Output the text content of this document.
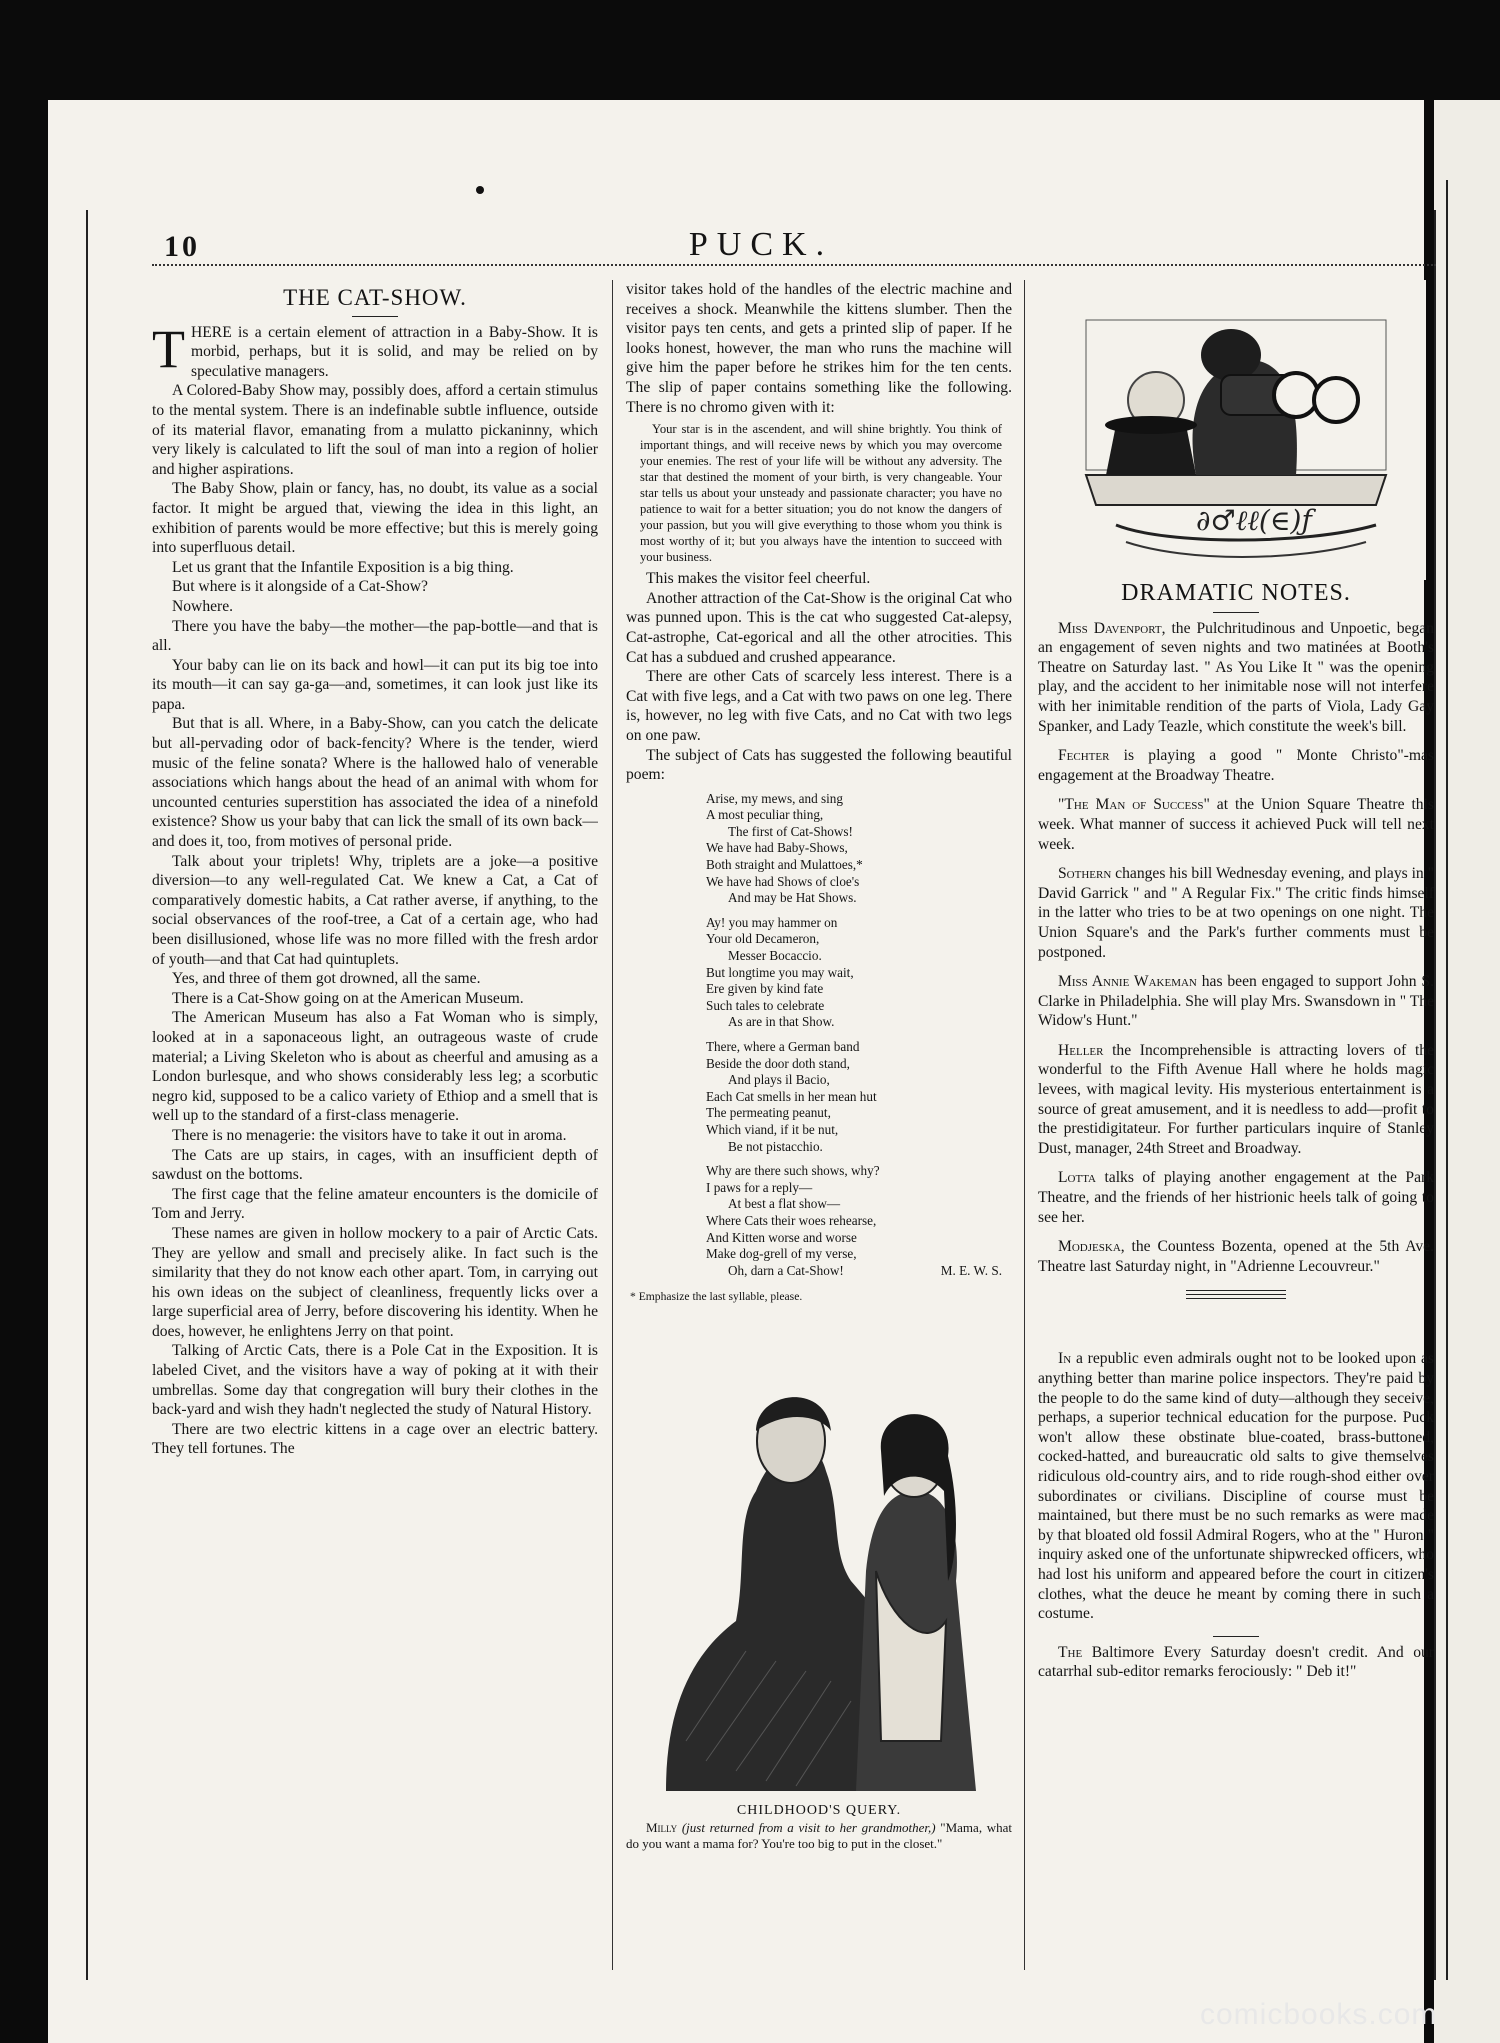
10	PUCK.
THE CAT-SHOW.

THERE is a certain element of attraction in a Baby-Show. It is morbid, perhaps, but it is solid, and may be relied on by speculative managers.

A Colored-Baby Show may, possibly does, afford a certain stimulus to the mental system. There is an indefinable subtle influence, outside of its material flavor, emanating from a mulatto pickaninny, which very likely is calculated to lift the soul of man into a region of holier and higher aspirations.

The Baby Show, plain or fancy, has, no doubt, its value as a social factor. It might be argued that, viewing the idea in this light, an exhibition of parents would be more effective; but this is merely going into superfluous detail.

Let us grant that the Infantile Exposition is a big thing.

But where is it alongside of a Cat-Show?

Nowhere.

There you have the baby—the mother—the pap-bottle—and that is all.

Your baby can lie on its back and howl—it can put its big toe into its mouth—it can say ga-ga—and, sometimes, it can look just like its papa.

But that is all. Where, in a Baby-Show, can you catch the delicate but all-pervading odor of back-fencity? Where is the tender, wierd music of the feline sonata? Where is the hallowed halo of venerable associations which hangs about the head of an animal with whom for uncounted centuries superstition has associated the idea of a ninefold existence? Show us your baby that can lick the small of its own back—and does it, too, from motives of personal pride.

Talk about your triplets! Why, triplets are a joke—a positive diversion—to any well-regulated Cat. We knew a Cat, a Cat of comparatively domestic habits, a Cat rather averse, if anything, to the social observances of the roof-tree, a Cat of a certain age, who had been disillusioned, whose life was no more filled with the fresh ardor of youth—and that Cat had quintuplets.

Yes, and three of them got drowned, all the same.

There is a Cat-Show going on at the American Museum.

The American Museum has also a Fat Woman who is simply, looked at in a saponaceous light, an outrageous waste of crude material; a Living Skeleton who is about as cheerful and amusing as a London burlesque, and who shows considerably less leg; a scorbutic negro kid, supposed to be a calico variety of Ethiop and a smell that is well up to the standard of a first-class menagerie.

There is no menagerie: the visitors have to take it out in aroma.

The Cats are up stairs, in cages, with an insufficient depth of sawdust on the bottoms.

The first cage that the feline amateur encounters is the domicile of Tom and Jerry.

These names are given in hollow mockery to a pair of Arctic Cats. They are yellow and small and precisely alike. In fact such is the similarity that they do not know each other apart. Tom, in carrying out his own ideas on the subject of cleanliness, frequently licks over a large superficial area of Jerry, before discovering his identity. When he does, however, he enlightens Jerry on that point.

Talking of Arctic Cats, there is a Pole Cat in the Exposition. It is labeled Civet, and the visitors have a way of poking at it with their umbrellas. Some day that congregation will bury their clothes in the back-yard and wish they hadn't neglected the study of Natural History.

There are two electric kittens in a cage over an electric battery. They tell fortunes. The

visitor takes hold of the handles of the electric machine and receives a shock. Meanwhile the kittens slumber. Then the visitor pays ten cents, and gets a printed slip of paper. If he looks honest, however, the man who runs the machine will give him the paper before he strikes him for the ten cents. The slip of paper contains something like the following. There is no chromo given with it:

Your star is in the ascendent, and will shine brightly. You think of important things, and will receive news by which you may overcome your enemies. The rest of your life will be without any adversity. The star that destined the moment of your birth, is very changeable. Your star tells us about your unsteady and passionate character; you have no patience to wait for a better situation; you do not know the dangers of your passion, but you will give everything to those whom you think is most worthy of it; but you always have the intention to succeed with your business.

This makes the visitor feel cheerful.

Another attraction of the Cat-Show is the original Cat who was punned upon. This is the cat who suggested Cat-alepsy, Cat-astrophe, Cat-egorical and all the other atrocities. This Cat has a subdued and crushed appearance.

There are other Cats of scarcely less interest. There is a Cat with five legs, and a Cat with two paws on one leg. There is, however, no leg with five Cats, and no Cat with two legs on one paw.

The subject of Cats has suggested the following beautiful poem:

Arise, my mews, and sing
A most peculiar thing,
The first of Cat-Shows!
We have had Baby-Shows,
Both straight and Mulattoes,*
We have had Shows of cloe's
And may be Hat Shows.
Ay! you may hammer on
Your old Decameron,
Messer Bocaccio.
But longtime you may wait,
Ere given by kind fate
Such tales to celebrate
As are in that Show.
There, where a German band
Beside the door doth stand,
And plays il Bacio,
Each Cat smells in her mean hut
The permeating peanut,
Which viand, if it be nut,
Be not pistacchio.
Why are there such shows, why?
I paws for a reply—
At best a flat show—
Where Cats their woes rehearse,
And Kitten worse and worse
Make dog-grell of my verse,
Oh, darn a Cat-Show!	M. E. W. S.
* Emphasize the last syllable, please.
CHILDHOOD'S QUERY.

Milly (just returned from a visit to her grandmother,) "Mama, what do you want a mama for? You're too big to put in the closet."

∂♂ℓℓ(∈)ƒ
DRAMATIC NOTES.

Miss Davenport, the Pulchritudinous and Unpoetic, began an engagement of seven nights and two matinées at Booth's Theatre on Saturday last. " As You Like It " was the opening play, and the accident to her inimitable nose will not interfere with her inimitable rendition of the parts of Viola, Lady Gay Spanker, and Lady Teazle, which constitute the week's bill.

Fechter is playing a good " Monte Christo"-mas engagement at the Broadway Theatre.

"The Man of Success" at the Union Square Theatre this week. What manner of success it achieved Puck will tell next week.

Sothern changes his bill Wednesday evening, and plays in " David Garrick " and " A Regular Fix." The critic finds himself in the latter who tries to be at two openings on one night. The Union Square's and the Park's further comments must be postponed.

Miss Annie Wakeman has been engaged to support John S. Clarke in Philadelphia. She will play Mrs. Swansdown in " The Widow's Hunt."

Heller the Incomprehensible is attracting lovers of the wonderful to the Fifth Avenue Hall where he holds magic levees, with magical levity. His mysterious entertainment is a source of great amusement, and it is needless to add—profit to the prestidigitateur. For further particulars inquire of Stanley Dust, manager, 24th Street and Broadway.

Lotta talks of playing another engagement at the Park Theatre, and the friends of her histrionic heels talk of going to see her.

Modjeska, the Countess Bozenta, opened at the 5th Ave. Theatre last Saturday night, in "Adrienne Lecouvreur."

In a republic even admirals ought not to be looked upon as anything better than marine police inspectors. They're paid by the people to do the same kind of duty—although they seceive, perhaps, a superior technical education for the purpose. Puck won't allow these obstinate blue-coated, brass-buttoned, cocked-hatted, and bureaucratic old salts to give themselves ridiculous old-country airs, and to ride rough-shod either over subordinates or civilians. Discipline of course must be maintained, but there must be no such remarks as were made by that bloated old fossil Admiral Rogers, who at the " Huron " inquiry asked one of the unfortunate shipwrecked officers, who had lost his uniform and appeared before the court in citizen's clothes, what the deuce he meant by coming there in such a costume.

The Baltimore Every Saturday doesn't credit. And our catarrhal sub-editor remarks ferociously: " Deb it!"

comicbooks.com
